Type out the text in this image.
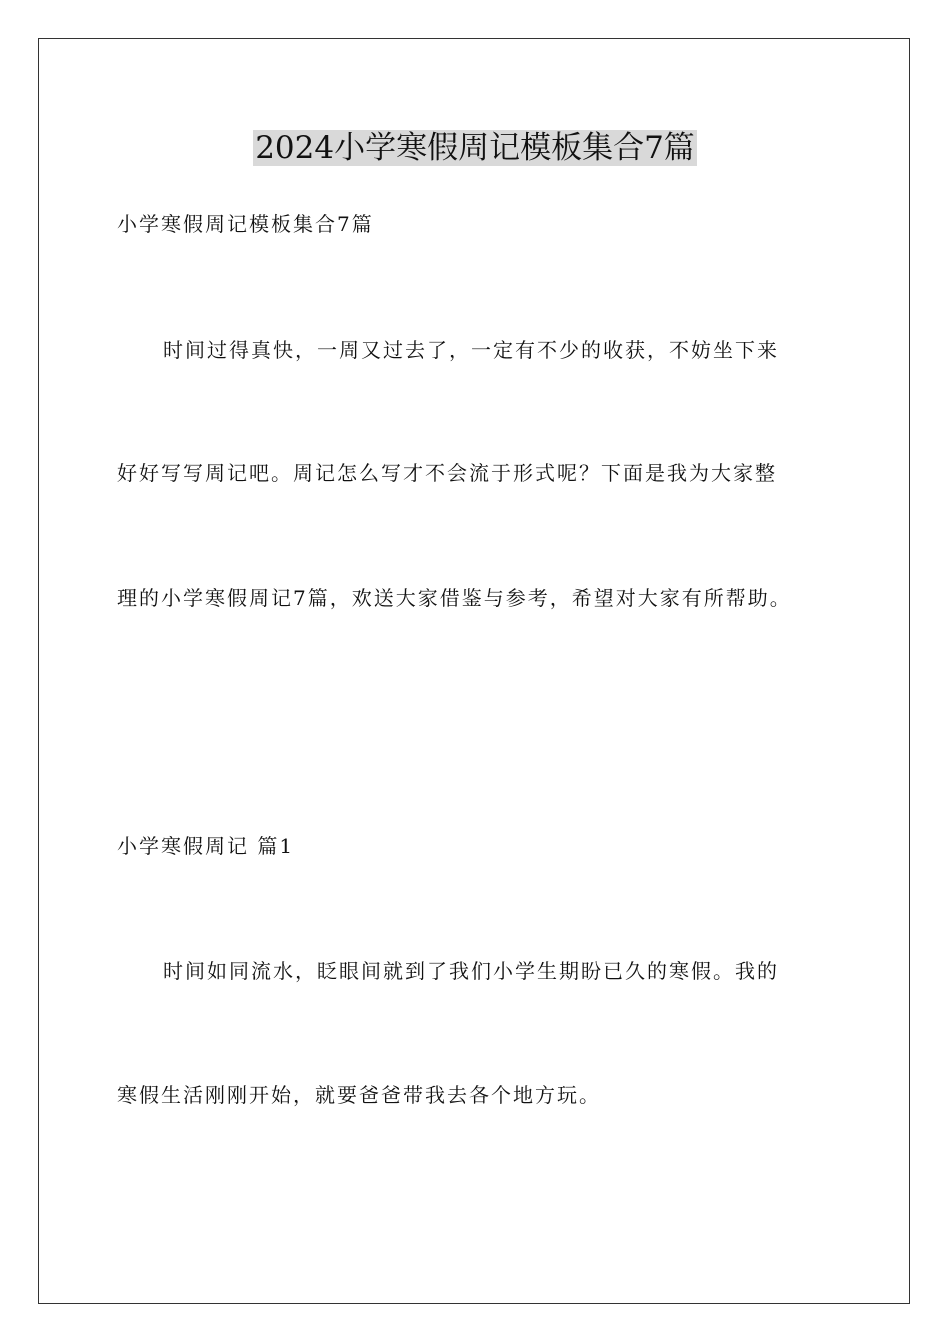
2024小学寒假周记模板集合7篇
小学寒假周记模板集合7篇
时间过得真快，一周又过去了，一定有不少的收获，不妨坐下来
好好写写周记吧。周记怎么写才不会流于形式呢？下面是我为大家整
理的小学寒假周记7篇，欢送大家借鉴与参考，希望对大家有所帮助。
小学寒假周记 篇1
时间如同流水，眨眼间就到了我们小学生期盼已久的寒假。我的
寒假生活刚刚开始，就要爸爸带我去各个地方玩。
